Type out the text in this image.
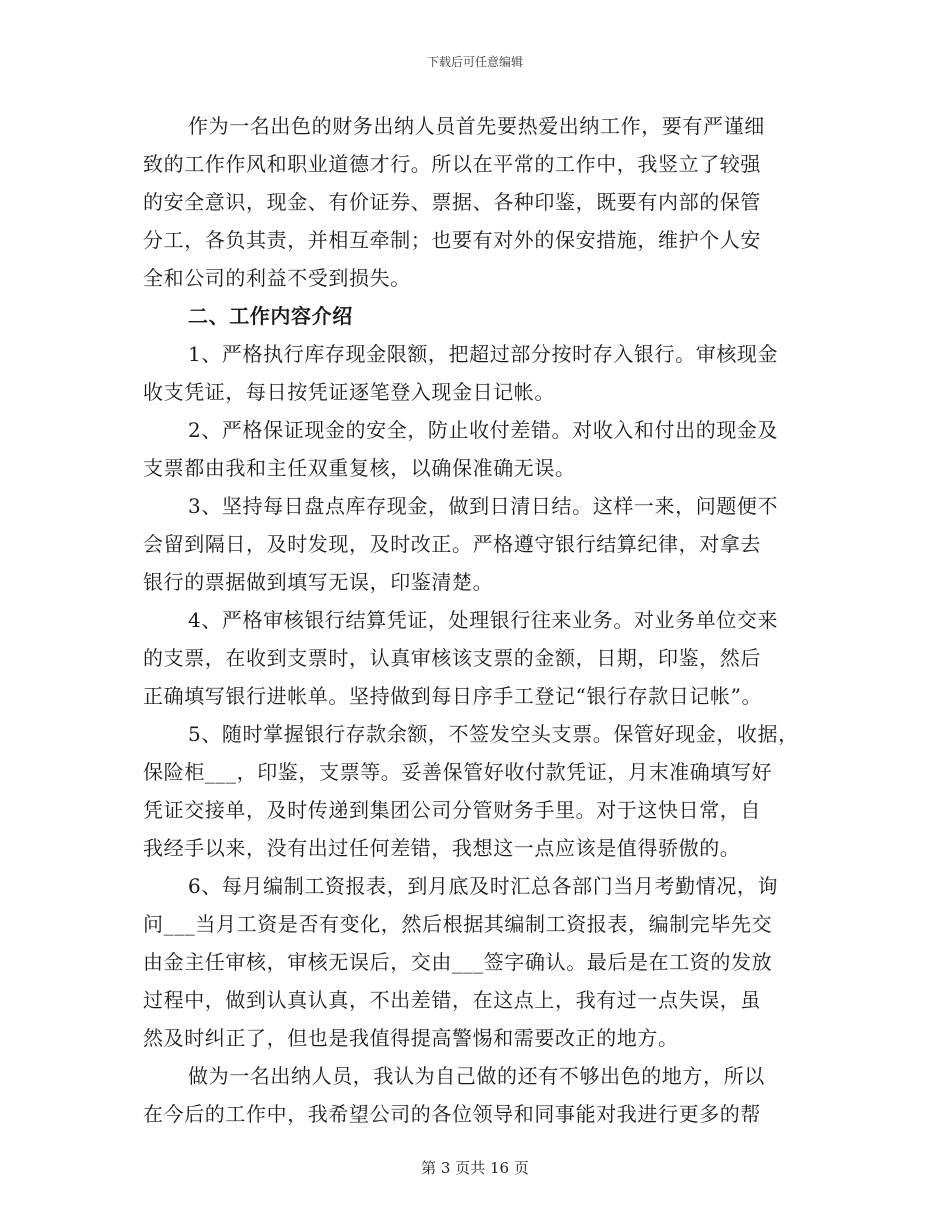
下载后可任意编辑
作为一名出色的财务出纳人员首先要热爱出纳工作，要有严谨细
致的工作作风和职业道德才行。所以在平常的工作中，我竖立了较强
的安全意识，现金、有价证券、票据、各种印鉴，既要有内部的保管
分工，各负其责，并相互牵制；也要有对外的保安措施，维护个人安
全和公司的利益不受到损失。
二、工作内容介绍
1、严格执行库存现金限额，把超过部分按时存入银行。审核现金
收支凭证，每日按凭证逐笔登入现金日记帐。
2、严格保证现金的安全，防止收付差错。对收入和付出的现金及
支票都由我和主任双重复核，以确保准确无误。
3、坚持每日盘点库存现金，做到日清日结。这样一来，问题便不
会留到隔日，及时发现，及时改正。严格遵守银行结算纪律，对拿去
银行的票据做到填写无误，印鉴清楚。
4、严格审核银行结算凭证，处理银行往来业务。对业务单位交来
的支票，在收到支票时，认真审核该支票的金额，日期，印鉴，然后
正确填写银行进帐单。坚持做到每日序手工登记“银行存款日记帐”。
5、随时掌握银行存款余额，不签发空头支票。保管好现金，收据，
保险柜___，印鉴，支票等。妥善保管好收付款凭证，月末准确填写好
凭证交接单，及时传递到集团公司分管财务手里。对于这快日常，自
我经手以来，没有出过任何差错，我想这一点应该是值得骄傲的。
6、每月编制工资报表，到月底及时汇总各部门当月考勤情况，询
问___当月工资是否有变化，然后根据其编制工资报表，编制完毕先交
由金主任审核，审核无误后，交由___签字确认。最后是在工资的发放
过程中，做到认真认真，不出差错，在这点上，我有过一点失误，虽
然及时纠正了，但也是我值得提高警惕和需要改正的地方。
做为一名出纳人员，我认为自己做的还有不够出色的地方，所以
在今后的工作中，我希望公司的各位领导和同事能对我进行更多的帮
第 3 页共 16 页
